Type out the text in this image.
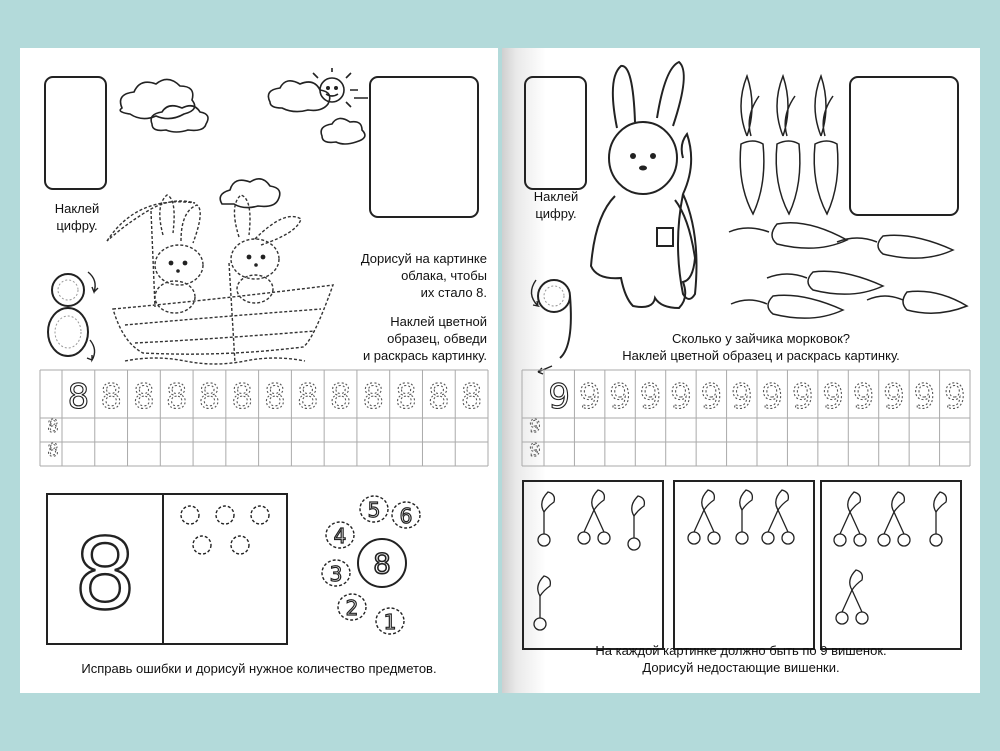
Наклей
цифру.
Дорисуй на картинке
облака, чтобы
их стало 8.
Наклей цветной
образец, обведи
и раскрась картинку.
8 8 8 8 8 8 8 8 8 8 8 8 8
8
8
8
5 6
4
3
2
1
8
Исправь ошибки и дорисуй нужное количество предметов.
Наклей
цифру.
Сколько у зайчика морковок?
Наклей цветной образец и раскрась картинку.
9 9 9 9 9 9 9 9 9 9 9 9 9 9
9
9
На каждой картинке должно быть по 9 вишенок.
Дорисуй недостающие вишенки.
